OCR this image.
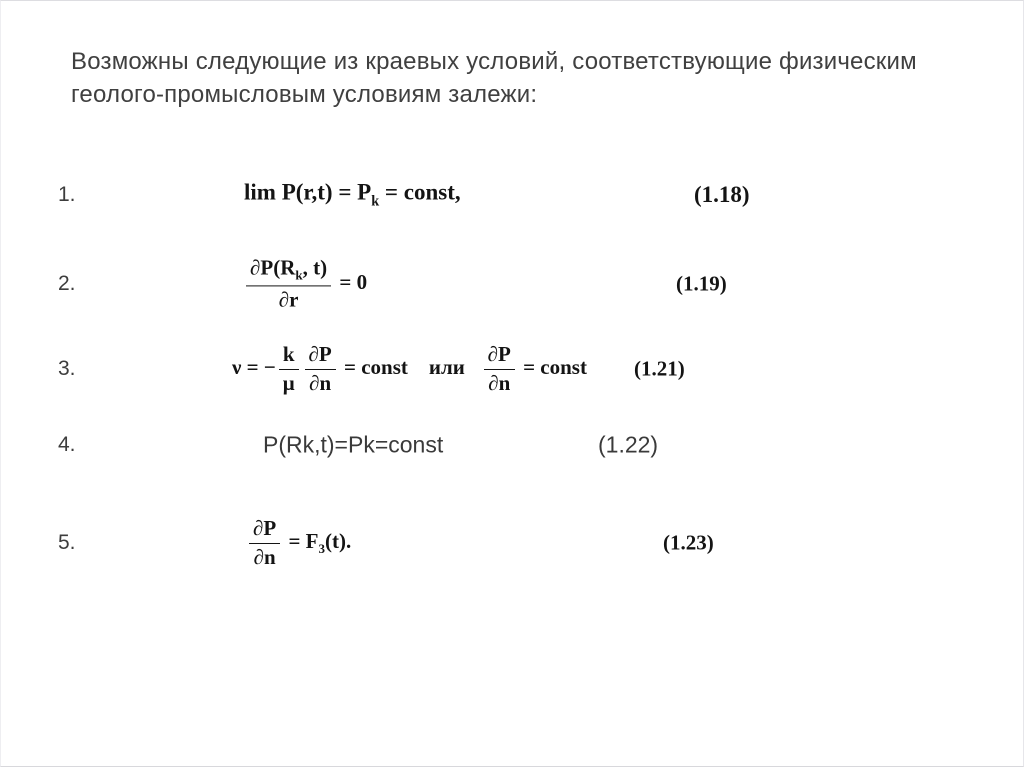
Возможны следующие из краевых условий, соответствующие физическим
геолого-промысловым условиям залежи:
1.	$\lim P(r,t) = P_k$ = const,	(1.18)
2.	$\frac{\partial P(R_k, t)}{\partial r} = 0$	(1.19)
3.	ν = − $\frac{k}{\mu} \frac{\partial P}{\partial n}$ = const    или $\frac{\partial P}{\partial n}$ = const (1.21)
4.	P(Rk,t)=Pk=const	(1.22)
5.	$\frac{\partial P}{\partial n} = F_3(t)$.	(1.23)
